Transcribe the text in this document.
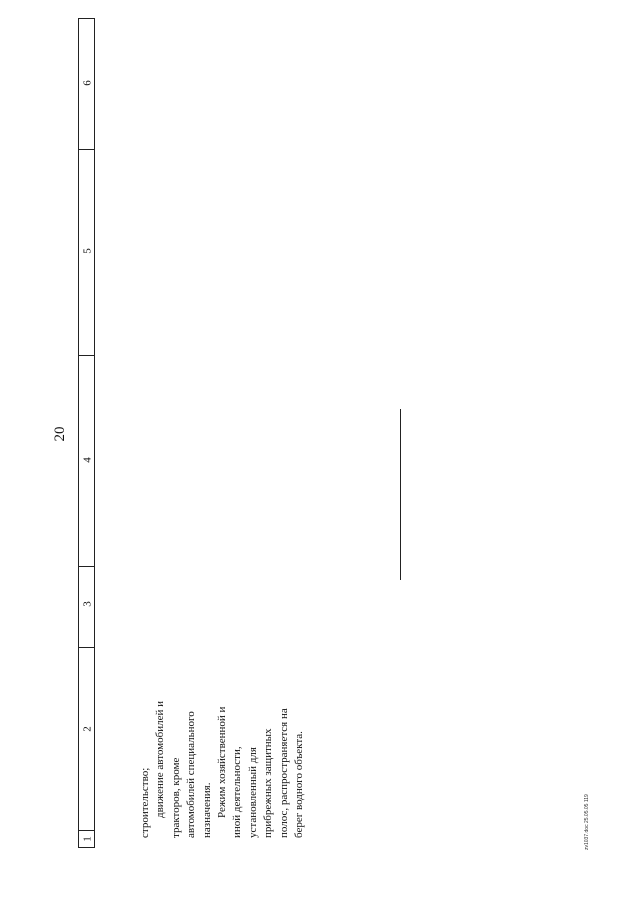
20
1
2
3
4
5
6

строительство; движение автомобилей и тракторов, кроме автомобилей специального назначения. Режим хозяйственной и иной деятельности, установленный для прибрежных защитных полос, распространяется на берег водного объекта.	zv1037.doc 25.05.05 119
